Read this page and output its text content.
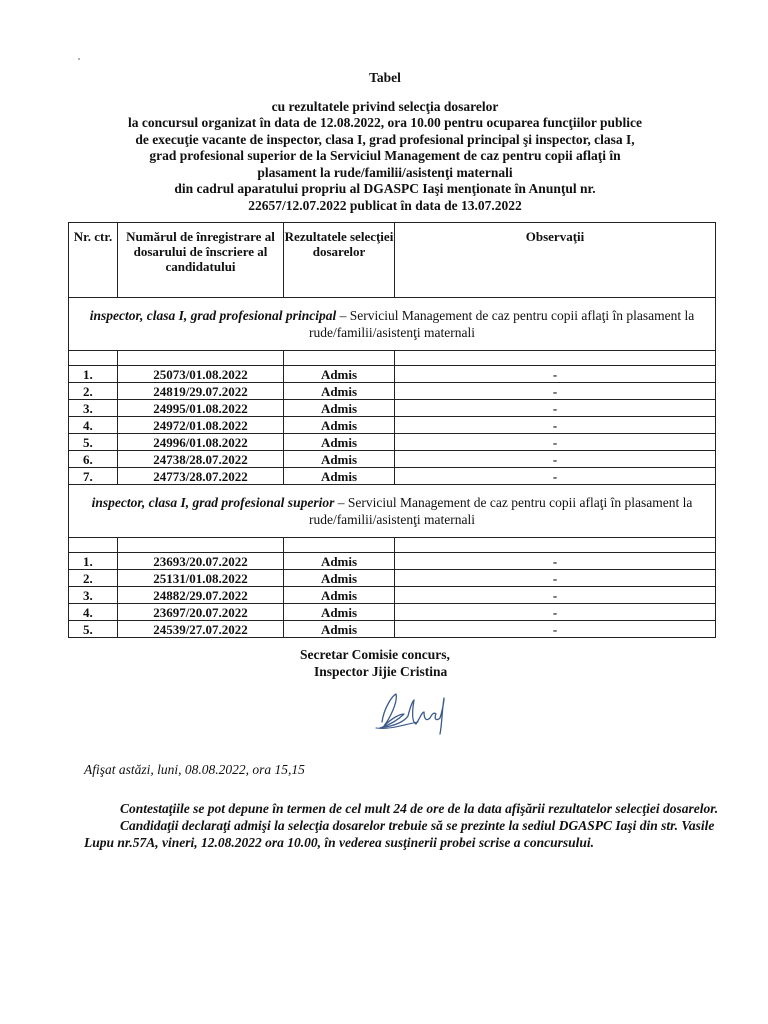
Tabel
cu rezultatele privind selecţia dosarelor
la concursul organizat în data de 12.08.2022, ora 10.00 pentru ocuparea funcţiilor publice
de execuţie vacante de inspector, clasa I, grad profesional principal şi inspector, clasa I,
grad profesional superior de la Serviciul Management de caz pentru copii aflaţi în
plasament la rude/familii/asistenţi maternali
din cadrul aparatului propriu al DGASPC Iaşi menţionate în Anunţul nr.
22657/12.07.2022 publicat în data de 13.07.2022
Nr. ctr.	Numărul de înregistrare al dosarului de înscriere al candidatului	Rezultatele selecţiei dosarelor	Observaţii
inspector, clasa I, grad profesional principal – Serviciul Management de caz pentru copii aflaţi în plasament la rude/familii/asistenţi maternali			

1.	25073/01.08.2022	Admis	-
2.	24819/29.07.2022	Admis	-
3.	24995/01.08.2022	Admis	-
4.	24972/01.08.2022	Admis	-
5.	24996/01.08.2022	Admis	-
6.	24738/28.07.2022	Admis	-
7.	24773/28.07.2022	Admis	-
inspector, clasa I, grad profesional superior – Serviciul Management de caz pentru copii aflaţi în plasament la rude/familii/asistenţi maternali			

1.	23693/20.07.2022	Admis	-
2.	25131/01.08.2022	Admis	-
3.	24882/29.07.2022	Admis	-
4.	23697/20.07.2022	Admis	-
5.	24539/27.07.2022	Admis	-
Secretar Comisie concurs,
Inspector Jijie Cristina
Afişat astăzi, luni, 08.08.2022, ora 15,15

Contestaţiile se pot depune în termen de cel mult 24 de ore de la data afişării rezultatelor selecţiei dosarelor.

Candidaţii declaraţi admişi la selecţia dosarelor trebuie să se prezinte la sediul DGASPC Iaşi din str. Vasile Lupu nr.57A, vineri, 12.08.2022 ora 10.00, în vederea susţinerii probei scrise a concursului.
